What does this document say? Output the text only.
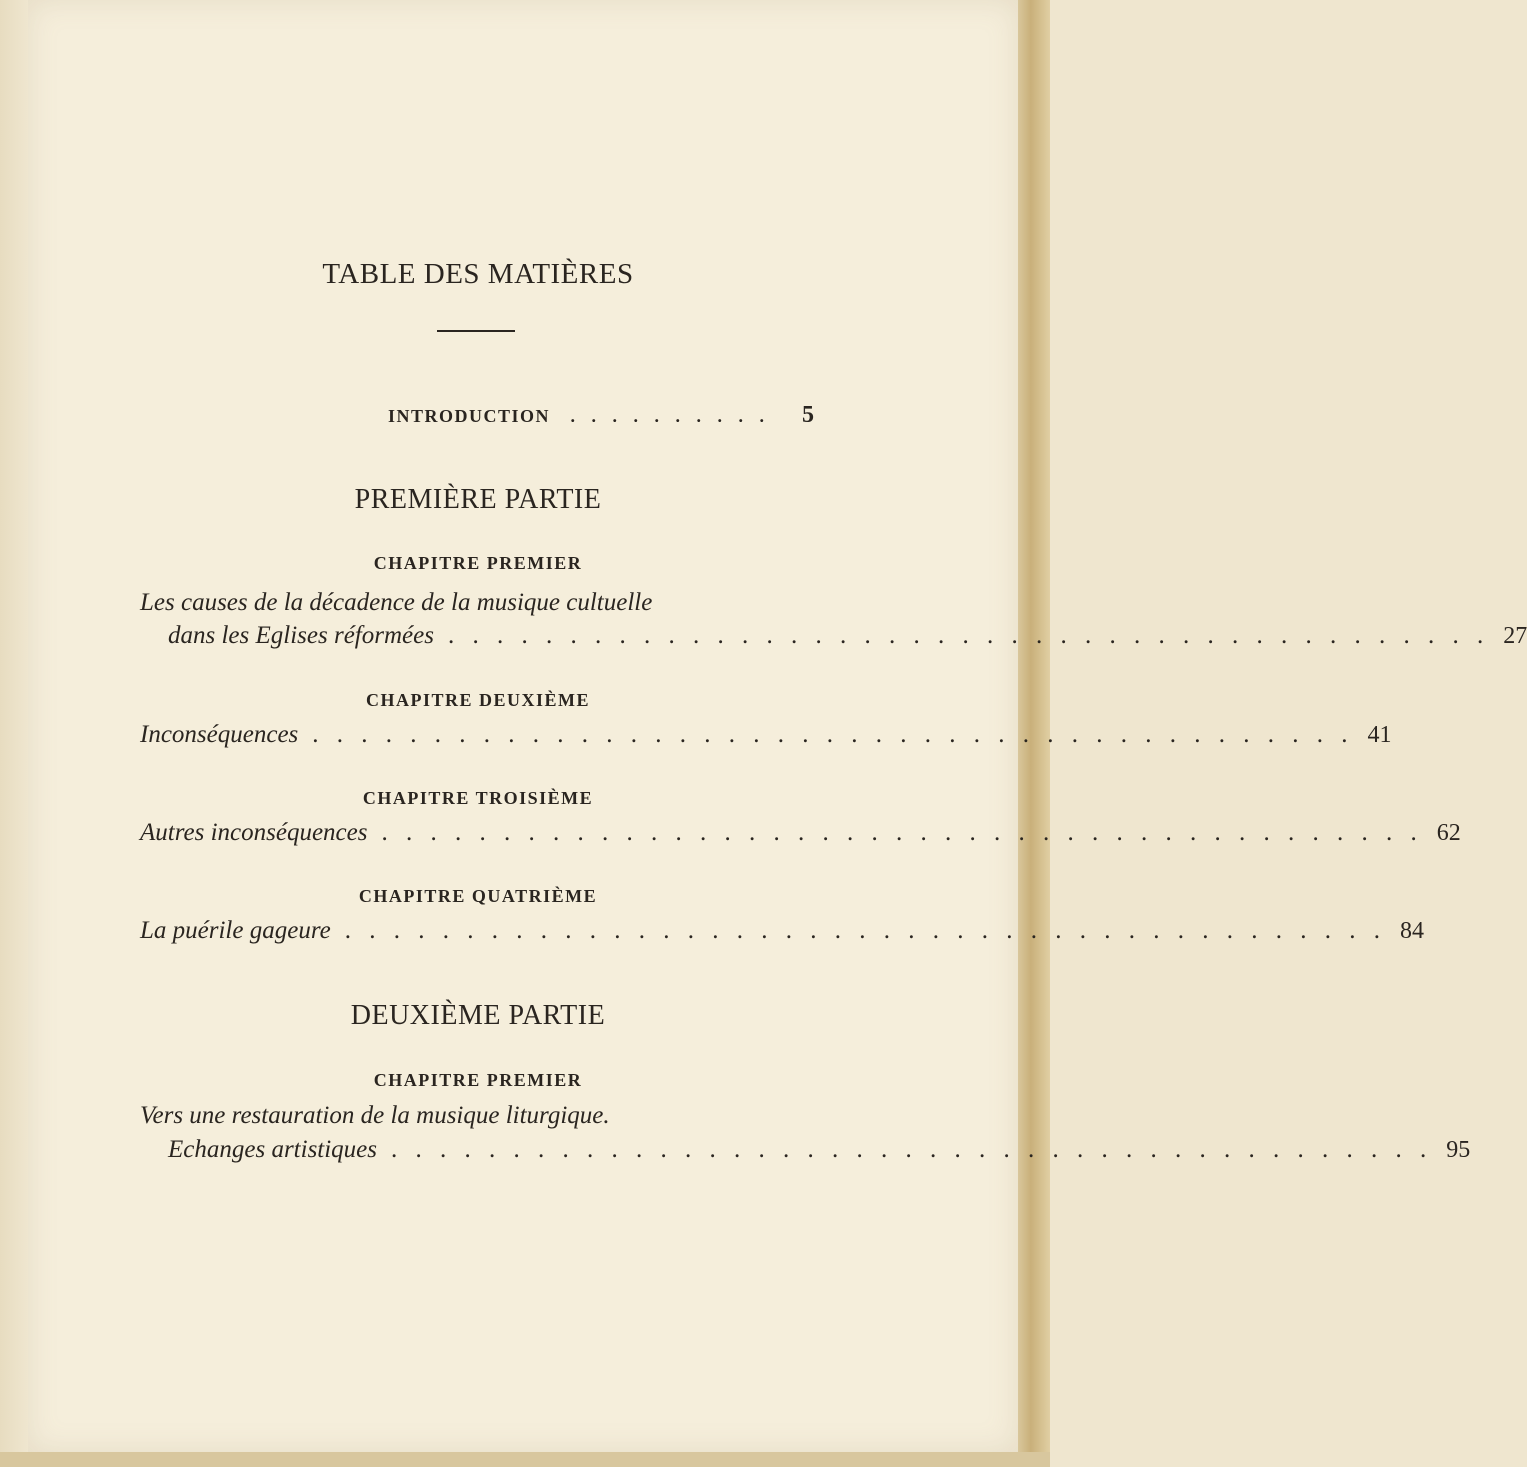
TABLE DES MATIÈRES
INTRODUCTION	. . . . . . . . . .	5
PREMIÈRE PARTIE
CHAPITRE PREMIER
Les causes de la décadence de la musique cultuelle
dans les Eglises réformées . . . . . . . . . . . . . . . . . . . . . . . . . . . . . . . . . . . . . . . . . . . 27
CHAPITRE DEUXIÈME
Inconséquences . . . . . . . . . . . . . . . . . . . . . . . . . . . . . . . . . . . . . . . . . . . 41
CHAPITRE TROISIÈME
Autres inconséquences . . . . . . . . . . . . . . . . . . . . . . . . . . . . . . . . . . . . . . . . . . . 62
CHAPITRE QUATRIÈME
La puérile gageure . . . . . . . . . . . . . . . . . . . . . . . . . . . . . . . . . . . . . . . . . . . 84
DEUXIÈME PARTIE
CHAPITRE PREMIER
Vers une restauration de la musique liturgique.
Echanges artistiques . . . . . . . . . . . . . . . . . . . . . . . . . . . . . . . . . . . . . . . . . . . 95
